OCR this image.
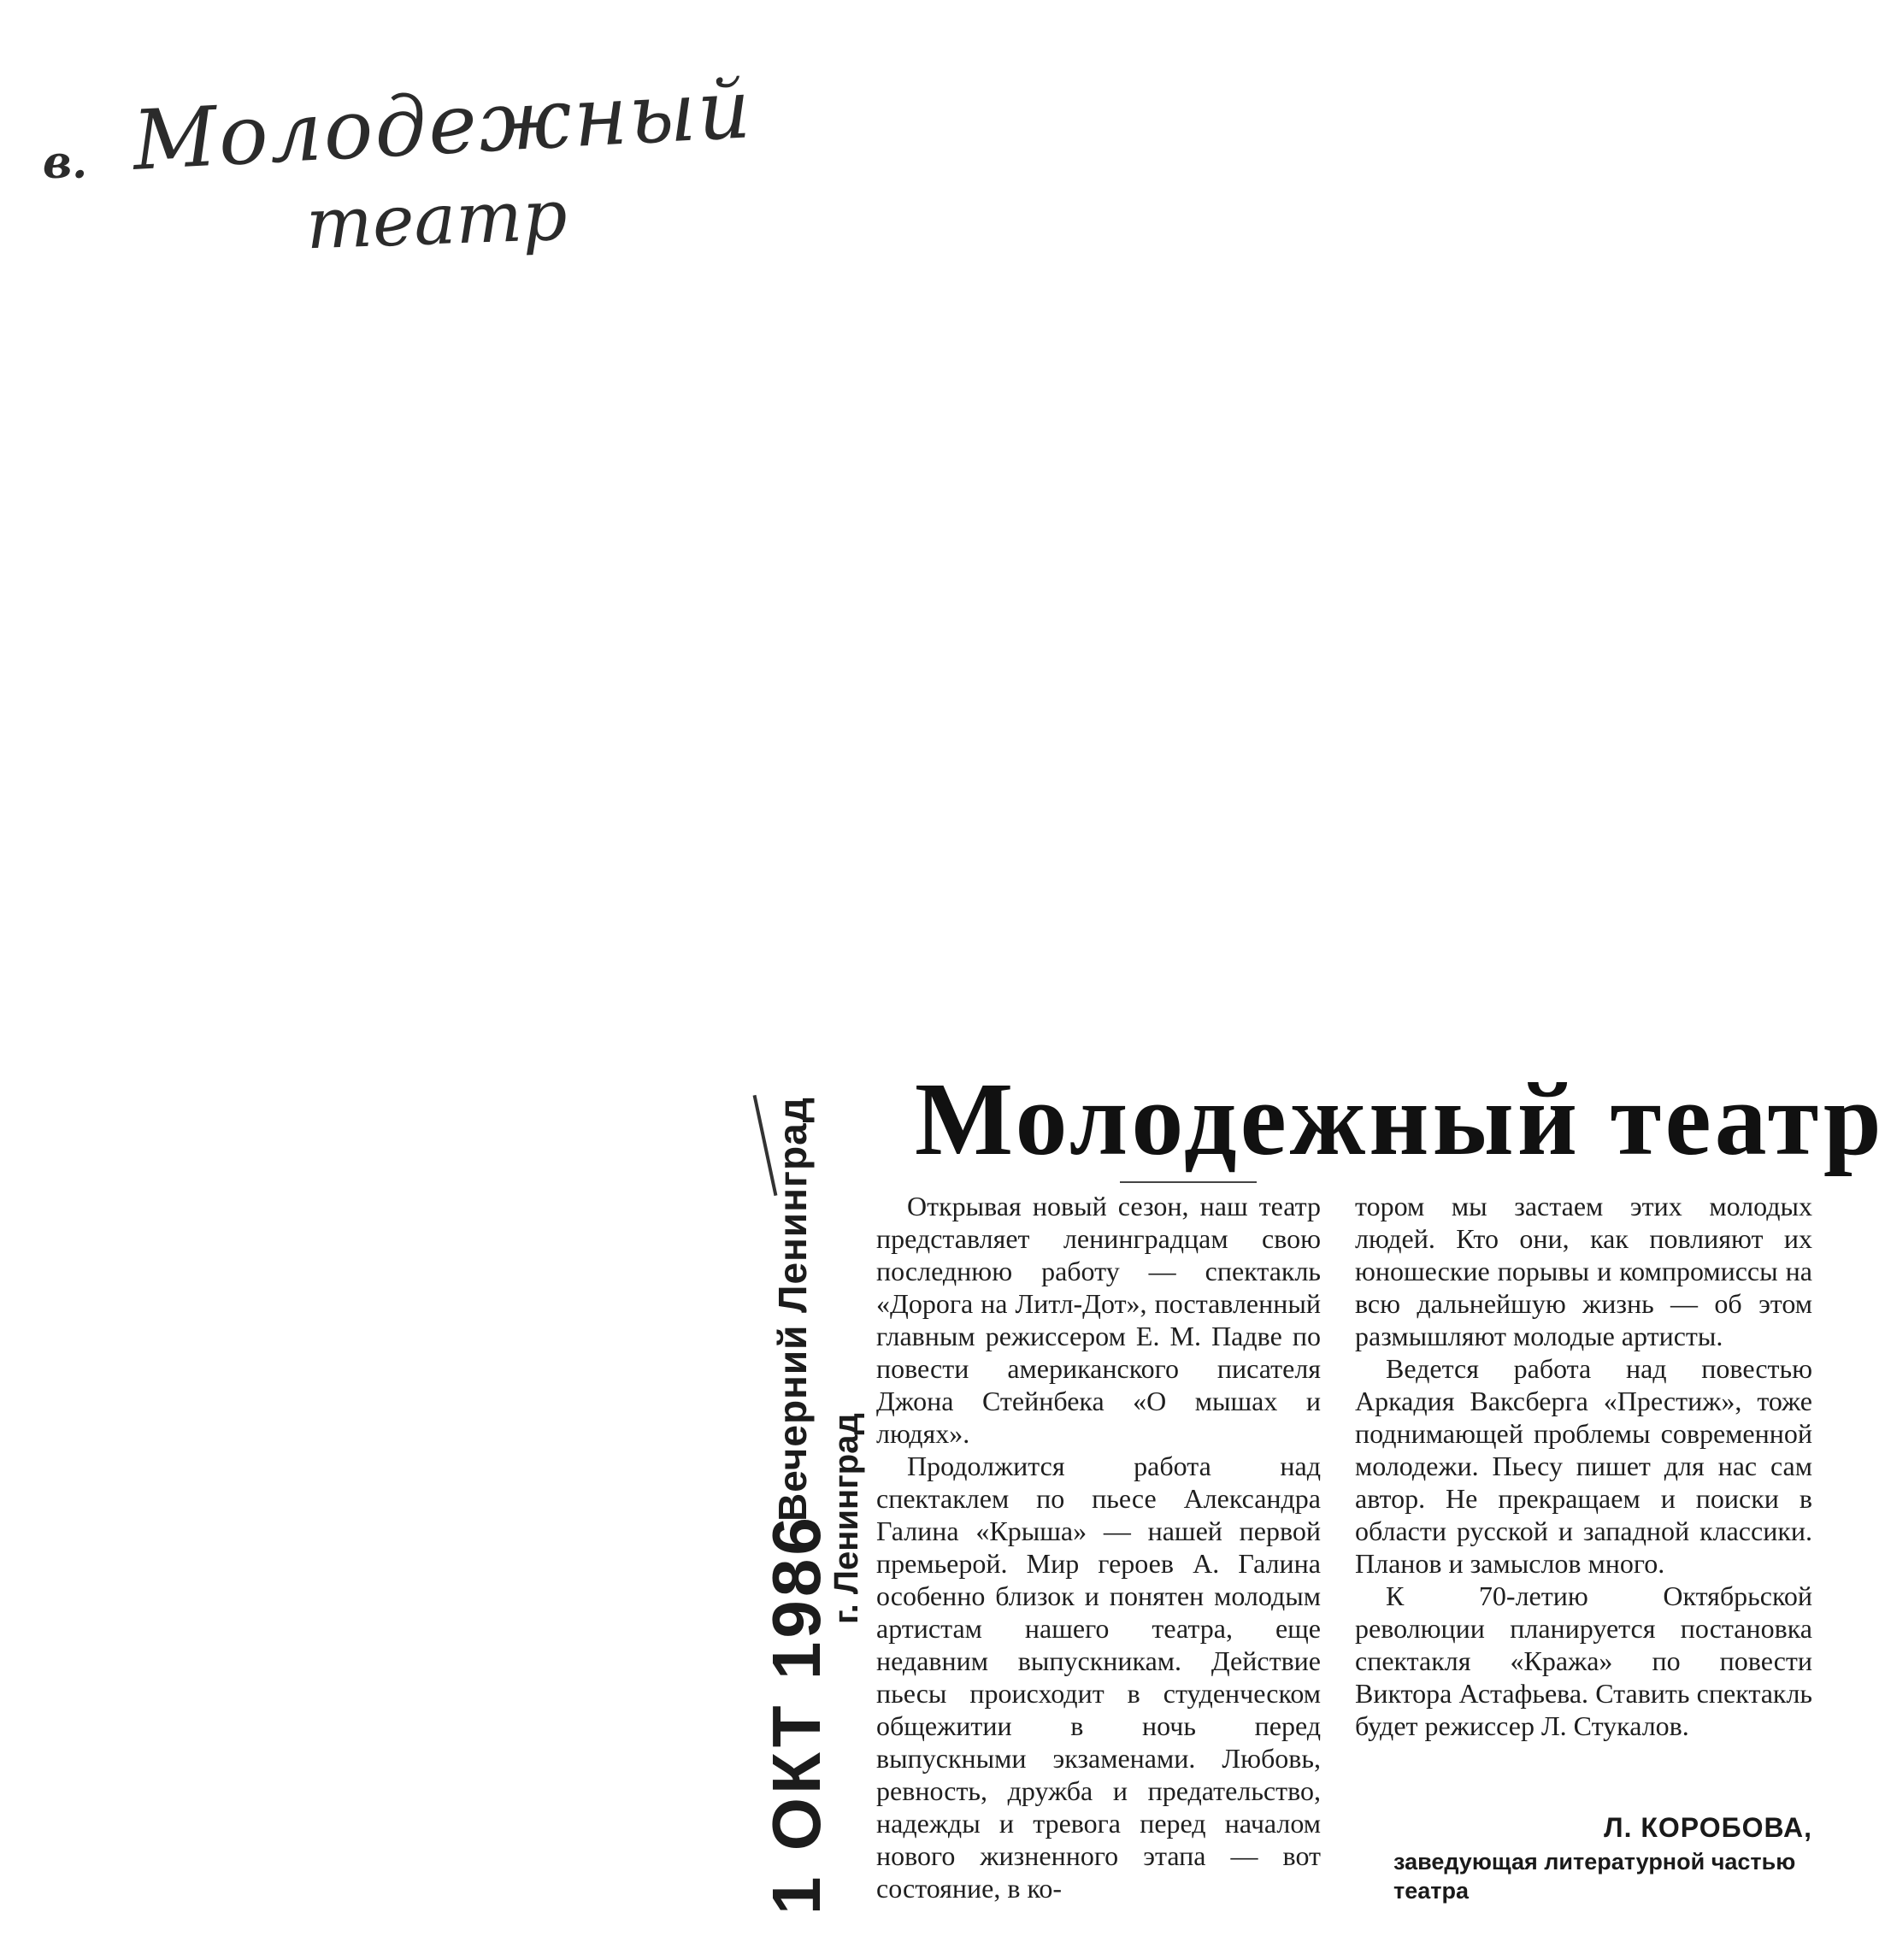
в. Молодежный
театр
1 ОКТ 1986
Вечерний Ленинград г. Ленинград
Молодежный театр

Открывая новый сезон, наш театр представляет ленинградцам свою последнюю работу — спектакль «Дорога на Литл-Дот», поставленный главным режиссером Е. М. Падве по повести американского писателя Джона Стейнбека «О мышах и людях».

Продолжится работа над спектаклем по пьесе Александра Галина «Крыша» — нашей первой премьерой. Мир героев А. Галина особенно близок и понятен молодым артистам нашего театра, еще недавним выпускникам. Действие пьесы происходит в студенческом общежитии в ночь перед выпускными экзаменами. Любовь, ревность, дружба и предательство, надежды и тревога перед началом нового жизненного этапа — вот состояние, в ко-

тором мы застаем этих молодых людей. Кто они, как повлияют их юношеские порывы и компромиссы на всю дальнейшую жизнь — об этом размышляют молодые артисты.

Ведется работа над повестью Аркадия Ваксберга «Престиж», тоже поднимающей проблемы современной молодежи. Пьесу пишет для нас сам автор. Не прекращаем и поиски в области русской и западной классики. Планов и замыслов много.

К 70-летию Октябрьской революции планируется постановка спектакля «Кража» по повести Виктора Астафьева. Ставить спектакль будет режиссер Л. Стукалов.

Л. КОРОБОВА,
заведующая литературной частью театра
